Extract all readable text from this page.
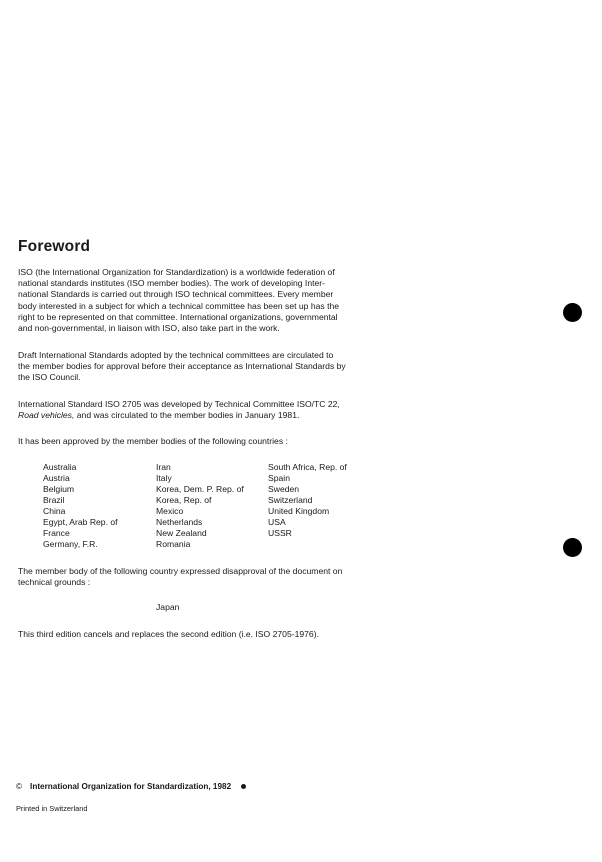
Foreword
ISO (the International Organization for Standardization) is a worldwide federation of
national standards institutes (ISO member bodies). The work of developing Inter-
national Standards is carried out through ISO technical committees. Every member
body interested in a subject for which a technical committee has been set up has the
right to be represented on that committee. International organizations, governmental
and non-governmental, in liaison with ISO, also take part in the work.
Draft International Standards adopted by the technical committees are circulated to
the member bodies for approval before their acceptance as International Standards by
the ISO Council.
International Standard ISO 2705 was developed by Technical Committee ISO/TC 22,
Road vehicles, and was circulated to the member bodies in January 1981.
It has been approved by the member bodies of the following countries :
Australia
Austria
Belgium
Brazil
China
Egypt, Arab Rep. of
France
Germany, F.R.
Iran
Italy
Korea, Dem. P. Rep. of
Korea, Rep. of
Mexico
Netherlands
New Zealand
Romania
South Africa, Rep. of
Spain
Sweden
Switzerland
United Kingdom
USA
USSR
The member body of the following country expressed disapproval of the document on
technical grounds :
Japan
This third edition cancels and replaces the second edition (i.e. ISO 2705-1976).
© International Organization for Standardization, 1982
Printed in Switzerland
